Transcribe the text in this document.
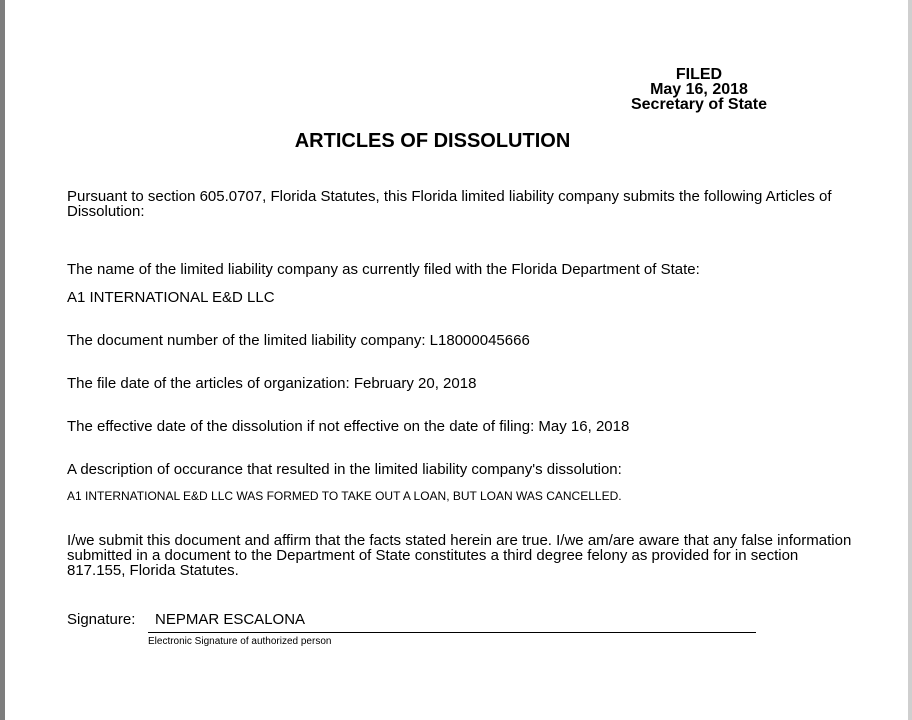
FILED
May 16, 2018
Secretary of State
ARTICLES OF DISSOLUTION
Pursuant to section 605.0707, Florida Statutes, this Florida limited liability company submits the following Articles of Dissolution:
The name of the limited liability company as currently filed with the Florida Department of State:
A1 INTERNATIONAL E&D LLC
The document number of the limited liability company: L18000045666
The file date of the articles of organization: February 20, 2018
The effective date of the dissolution if not effective on the date of filing: May 16, 2018
A description of occurance that resulted in the limited liability company's dissolution:
A1 INTERNATIONAL E&D LLC WAS FORMED TO TAKE OUT A LOAN, BUT LOAN WAS CANCELLED.
I/we submit this document and affirm that the facts stated herein are true. I/we am/are aware that any false information submitted in a document to the Department of State constitutes a third degree felony as provided for in section 817.155, Florida Statutes.
Signature: NEPMAR ESCALONA
Electronic Signature of authorized person
